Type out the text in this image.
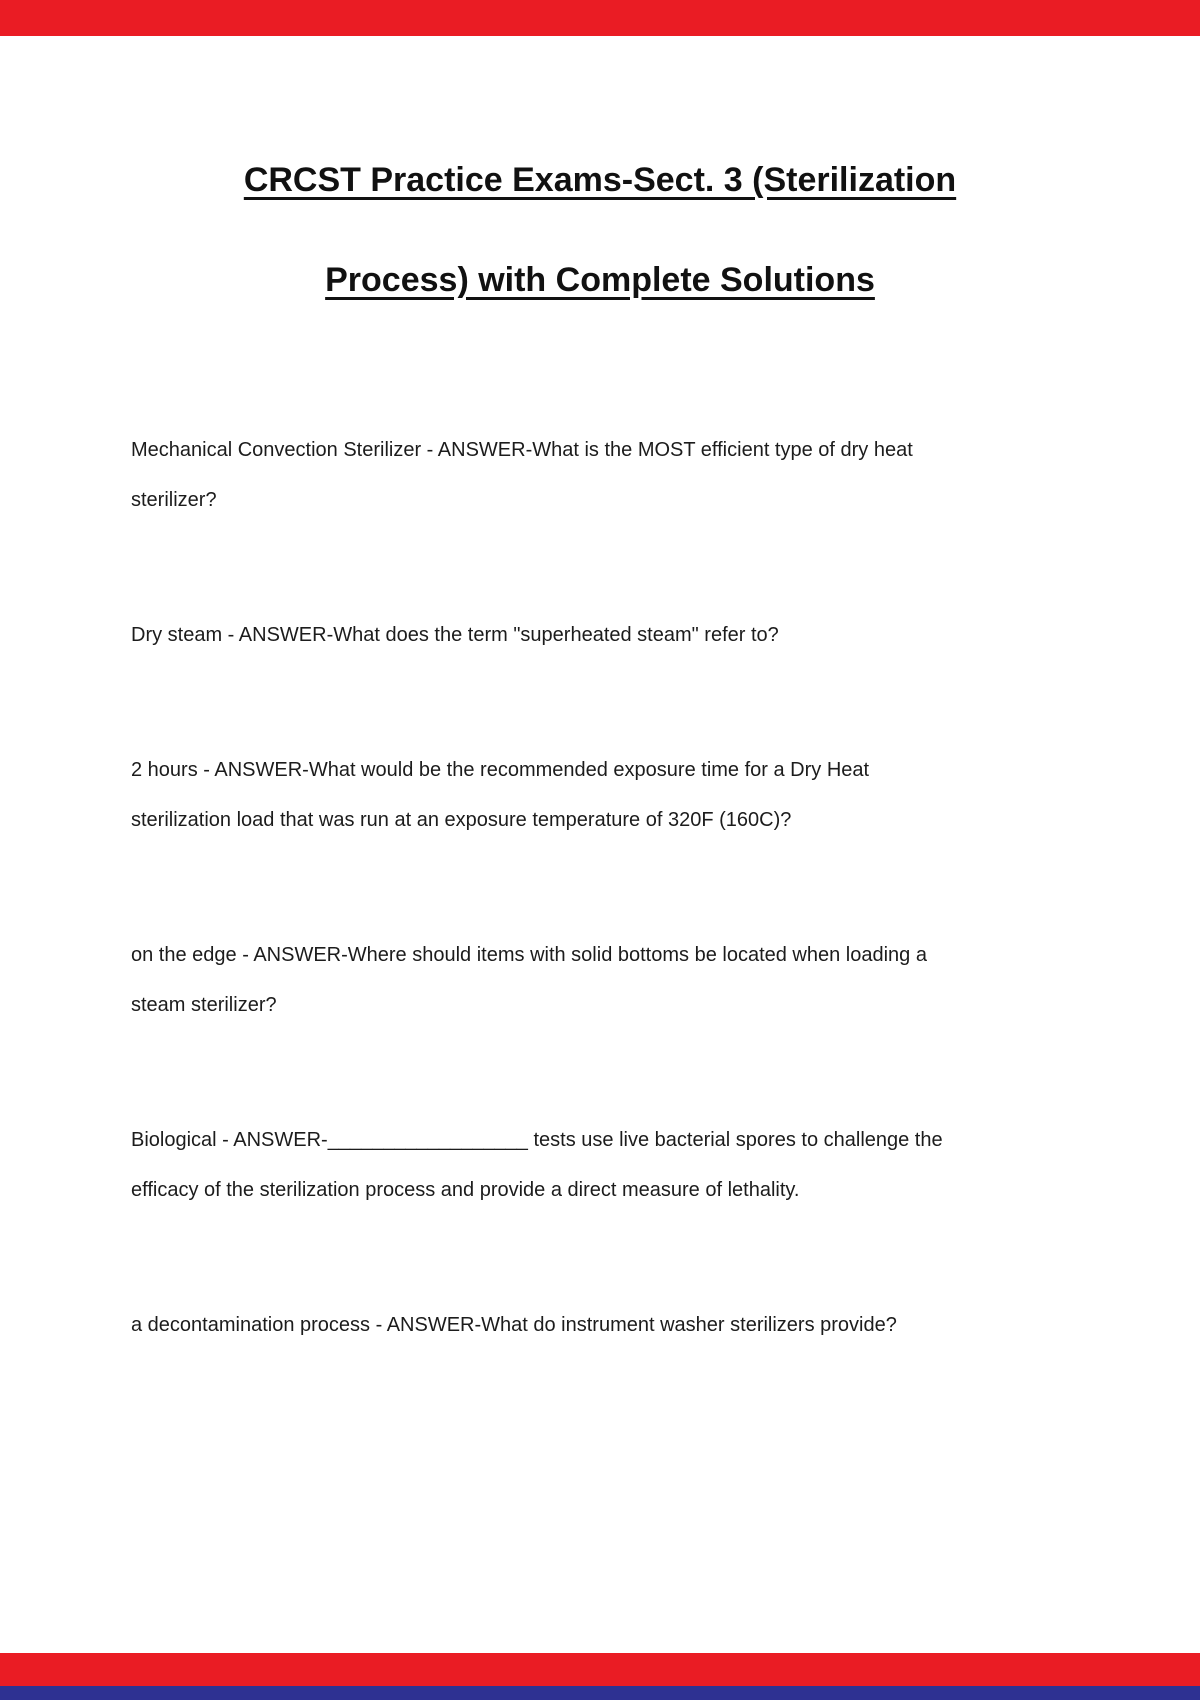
CRCST Practice Exams-Sect. 3 (Sterilization
Process) with Complete Solutions

Mechanical Convection Sterilizer - ANSWER-What is the MOST efficient type of dry heat sterilizer?

Dry steam - ANSWER-What does the term "superheated steam" refer to?

2 hours - ANSWER-What would be the recommended exposure time for a Dry Heat sterilization load that was run at an exposure temperature of 320F (160C)?

on the edge - ANSWER-Where should items with solid bottoms be located when loading a steam sterilizer?

Biological - ANSWER-__________________ tests use live bacterial spores to challenge the efficacy of the sterilization process and provide a direct measure of lethality.

a decontamination process - ANSWER-What do instrument washer sterilizers provide?
